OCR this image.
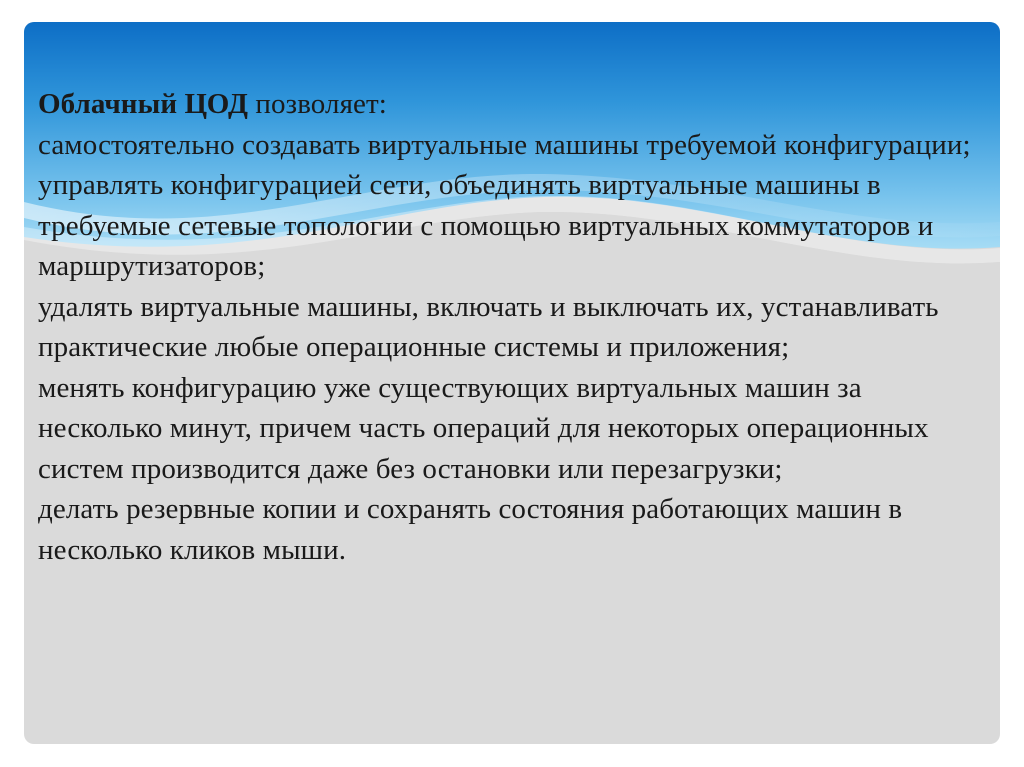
Облачный ЦОД позволяет:

самостоятельно создавать виртуальные машины требуемой конфигурации;

управлять конфигурацией сети, объединять виртуальные машины в требуемые сетевые топологии с помощью виртуальных коммутаторов и маршрутизаторов;

удалять виртуальные машины, включать и выключать их, устанавливать практические любые операционные системы и приложения;

менять конфигурацию уже существующих виртуальных машин за несколько минут, причем часть операций для некоторых операционных систем производится даже без остановки или перезагрузки;

делать резервные копии и сохранять состояния работающих машин в несколько кликов мыши.
